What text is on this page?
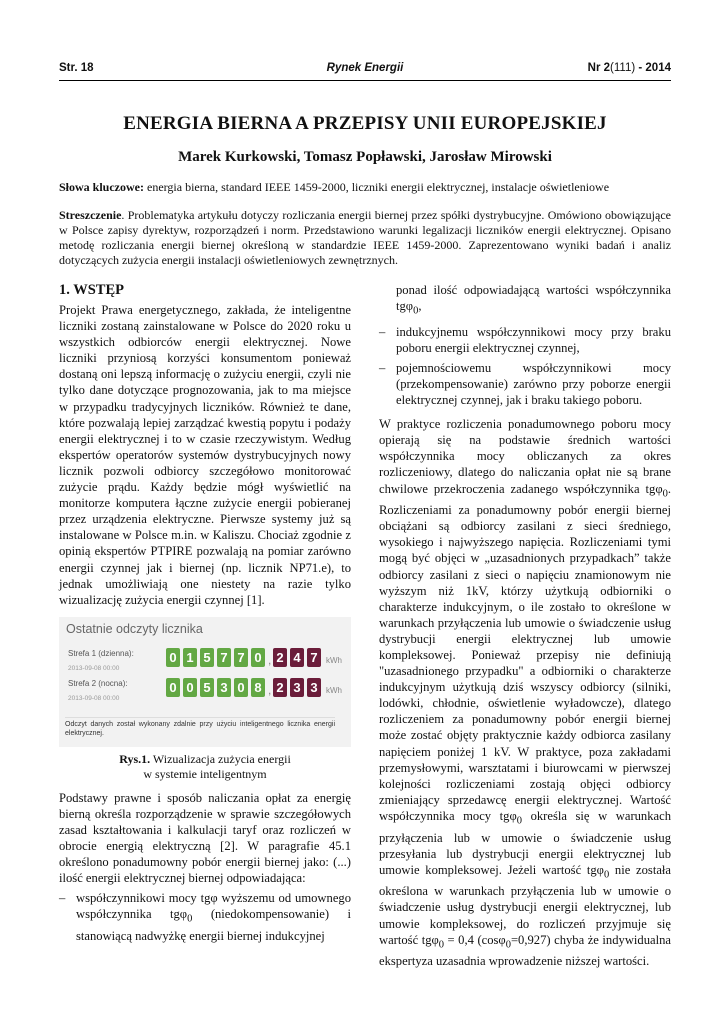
Str. 18	Rynek Energii	Nr 2(111) - 2014
ENERGIA BIERNA A PRZEPISY UNII EUROPEJSKIEJ
Marek Kurkowski, Tomasz Popławski, Jarosław Mirowski
Słowa kluczowe: energia bierna, standard IEEE 1459-2000, liczniki energii elektrycznej, instalacje oświetleniowe
Streszczenie. Problematyka artykułu dotyczy rozliczania energii biernej przez spółki dystrybucyjne. Omówiono obowiązujące w Polsce zapisy dyrektyw, rozporządzeń i norm. Przedstawiono warunki legalizacji liczników energii elektrycznej. Opisano metodę rozliczania energii biernej określoną w standardzie IEEE 1459-2000. Zaprezentowano wyniki badań i analiz dotyczących zużycia energii instalacji oświetleniowych zewnętrznych.
1. WSTĘP

Projekt Prawa energetycznego, zakłada, że inteligentne liczniki zostaną zainstalowane w Polsce do 2020 roku u wszystkich odbiorców energii elektrycznej. Nowe liczniki przyniosą korzyści konsumentom ponieważ dostaną oni lepszą informację o zużyciu energii, czyli nie tylko dane dotyczące prognozowania, jak to ma miejsce w przypadku tradycyjnych liczników. Również te dane, które pozwalają lepiej zarządzać kwestią popytu i podaży energii elektrycznej i to w czasie rzeczywistym. Według ekspertów operatorów systemów dystrybucyjnych nowy licznik pozwoli odbiorcy szczegółowo monitorować zużycie prądu. Każdy będzie mógł wyświetlić na monitorze komputera łączne zużycie energii pobieranej przez urządzenia elektryczne. Pierwsze systemy już są instalowane w Polsce m.in. w Kaliszu. Chociaż zgodnie z opinią ekspertów PTPIRE pozwalają na pomiar zarówno energii czynnej jak i biernej (np. licznik NP71.e), to jednak umożliwiają one niestety na razie tylko wizualizację zużycia energii czynnej [1].

Ostatnie odczyty licznika
Strefa 1 (dzienna):
2013-09-08 00:00
0 1 5 7 7 0 , 2 4 7 kWh
Strefa 2 (nocna):
2013-09-08 00:00
0 0 5 3 0 8 , 2 3 3 kWh
Odczyt danych został wykonany zdalnie przy użyciu inteligentnego licznika energii elektrycznej.
Rys.1. Wizualizacja zużycia energii
w systemie inteligentnym

Podstawy prawne i sposób naliczania opłat za energię bierną określa rozporządzenie w sprawie szczegółowych zasad kształtowania i kalkulacji taryf oraz rozliczeń w obrocie energią elektryczną [2]. W paragrafie 45.1 określono ponadumowny pobór energii biernej jako: (...) ilość energii elektrycznej biernej odpowiadająca:

– współczynnikowi mocy tgφ wyższemu od umownego współczynnika tgφ$_0$ (niedokompensowanie) i stanowiącą nadwyżkę energii biernej indukcyjnej
ponad ilość odpowiadającą wartości współczynnika tgφ$_0$,
– indukcyjnemu współczynnikowi mocy przy braku poboru energii elektrycznej czynnej,
– pojemnościowemu współczynnikowi mocy (przekompensowanie) zarówno przy poborze energii elektrycznej czynnej, jak i braku takiego poboru.

W praktyce rozliczenia ponadumownego poboru mocy opierają się na podstawie średnich wartości współczynnika mocy obliczanych za okres rozliczeniowy, dlatego do naliczania opłat nie są brane chwilowe przekroczenia zadanego współczynnika tgφ$_0$. Rozliczeniami za ponadumowny pobór energii biernej obciążani są odbiorcy zasilani z sieci średniego, wysokiego i najwyższego napięcia. Rozliczeniami tymi mogą być objęci w „uzasadnionych przypadkach” także odbiorcy zasilani z sieci o napięciu znamionowym nie wyższym niż 1kV, którzy użytkują odbiorniki o charakterze indukcyjnym, o ile zostało to określone w warunkach przyłączenia lub umowie o świadczenie usług dystrybucji energii elektrycznej lub umowie kompleksowej. Ponieważ przepisy nie definiują "uzasadnionego przypadku" a odbiorniki o charakterze indukcyjnym użytkują dziś wszyscy odbiorcy (silniki, lodówki, chłodnie, oświetlenie wyładowcze), dlatego rozliczeniem za ponadumowny pobór energii biernej może zostać objęty praktycznie każdy odbiorca zasilany napięciem poniżej 1 kV. W praktyce, poza zakładami przemysłowymi, warsztatami i biurowcami w pierwszej kolejności rozliczeniami zostają objęci odbiorcy zmieniający sprzedawcę energii elektrycznej. Wartość współczynnika mocy tgφ$_0$ określa się w warunkach przyłączenia lub w umowie o świadczenie usług przesyłania lub dystrybucji energii elektrycznej lub umowie kompleksowej. Jeżeli wartość tgφ$_0$ nie została określona w warunkach przyłączenia lub w umowie o świadczenie usług dystrybucji energii elektrycznej, lub umowie kompleksowej, do rozliczeń przyjmuje się wartość tgφ$_0$ = 0,4 (cosφ$_0$=0,927) chyba że indywidualna ekspertyza uzasadnia wprowadzenie niższej wartości.
